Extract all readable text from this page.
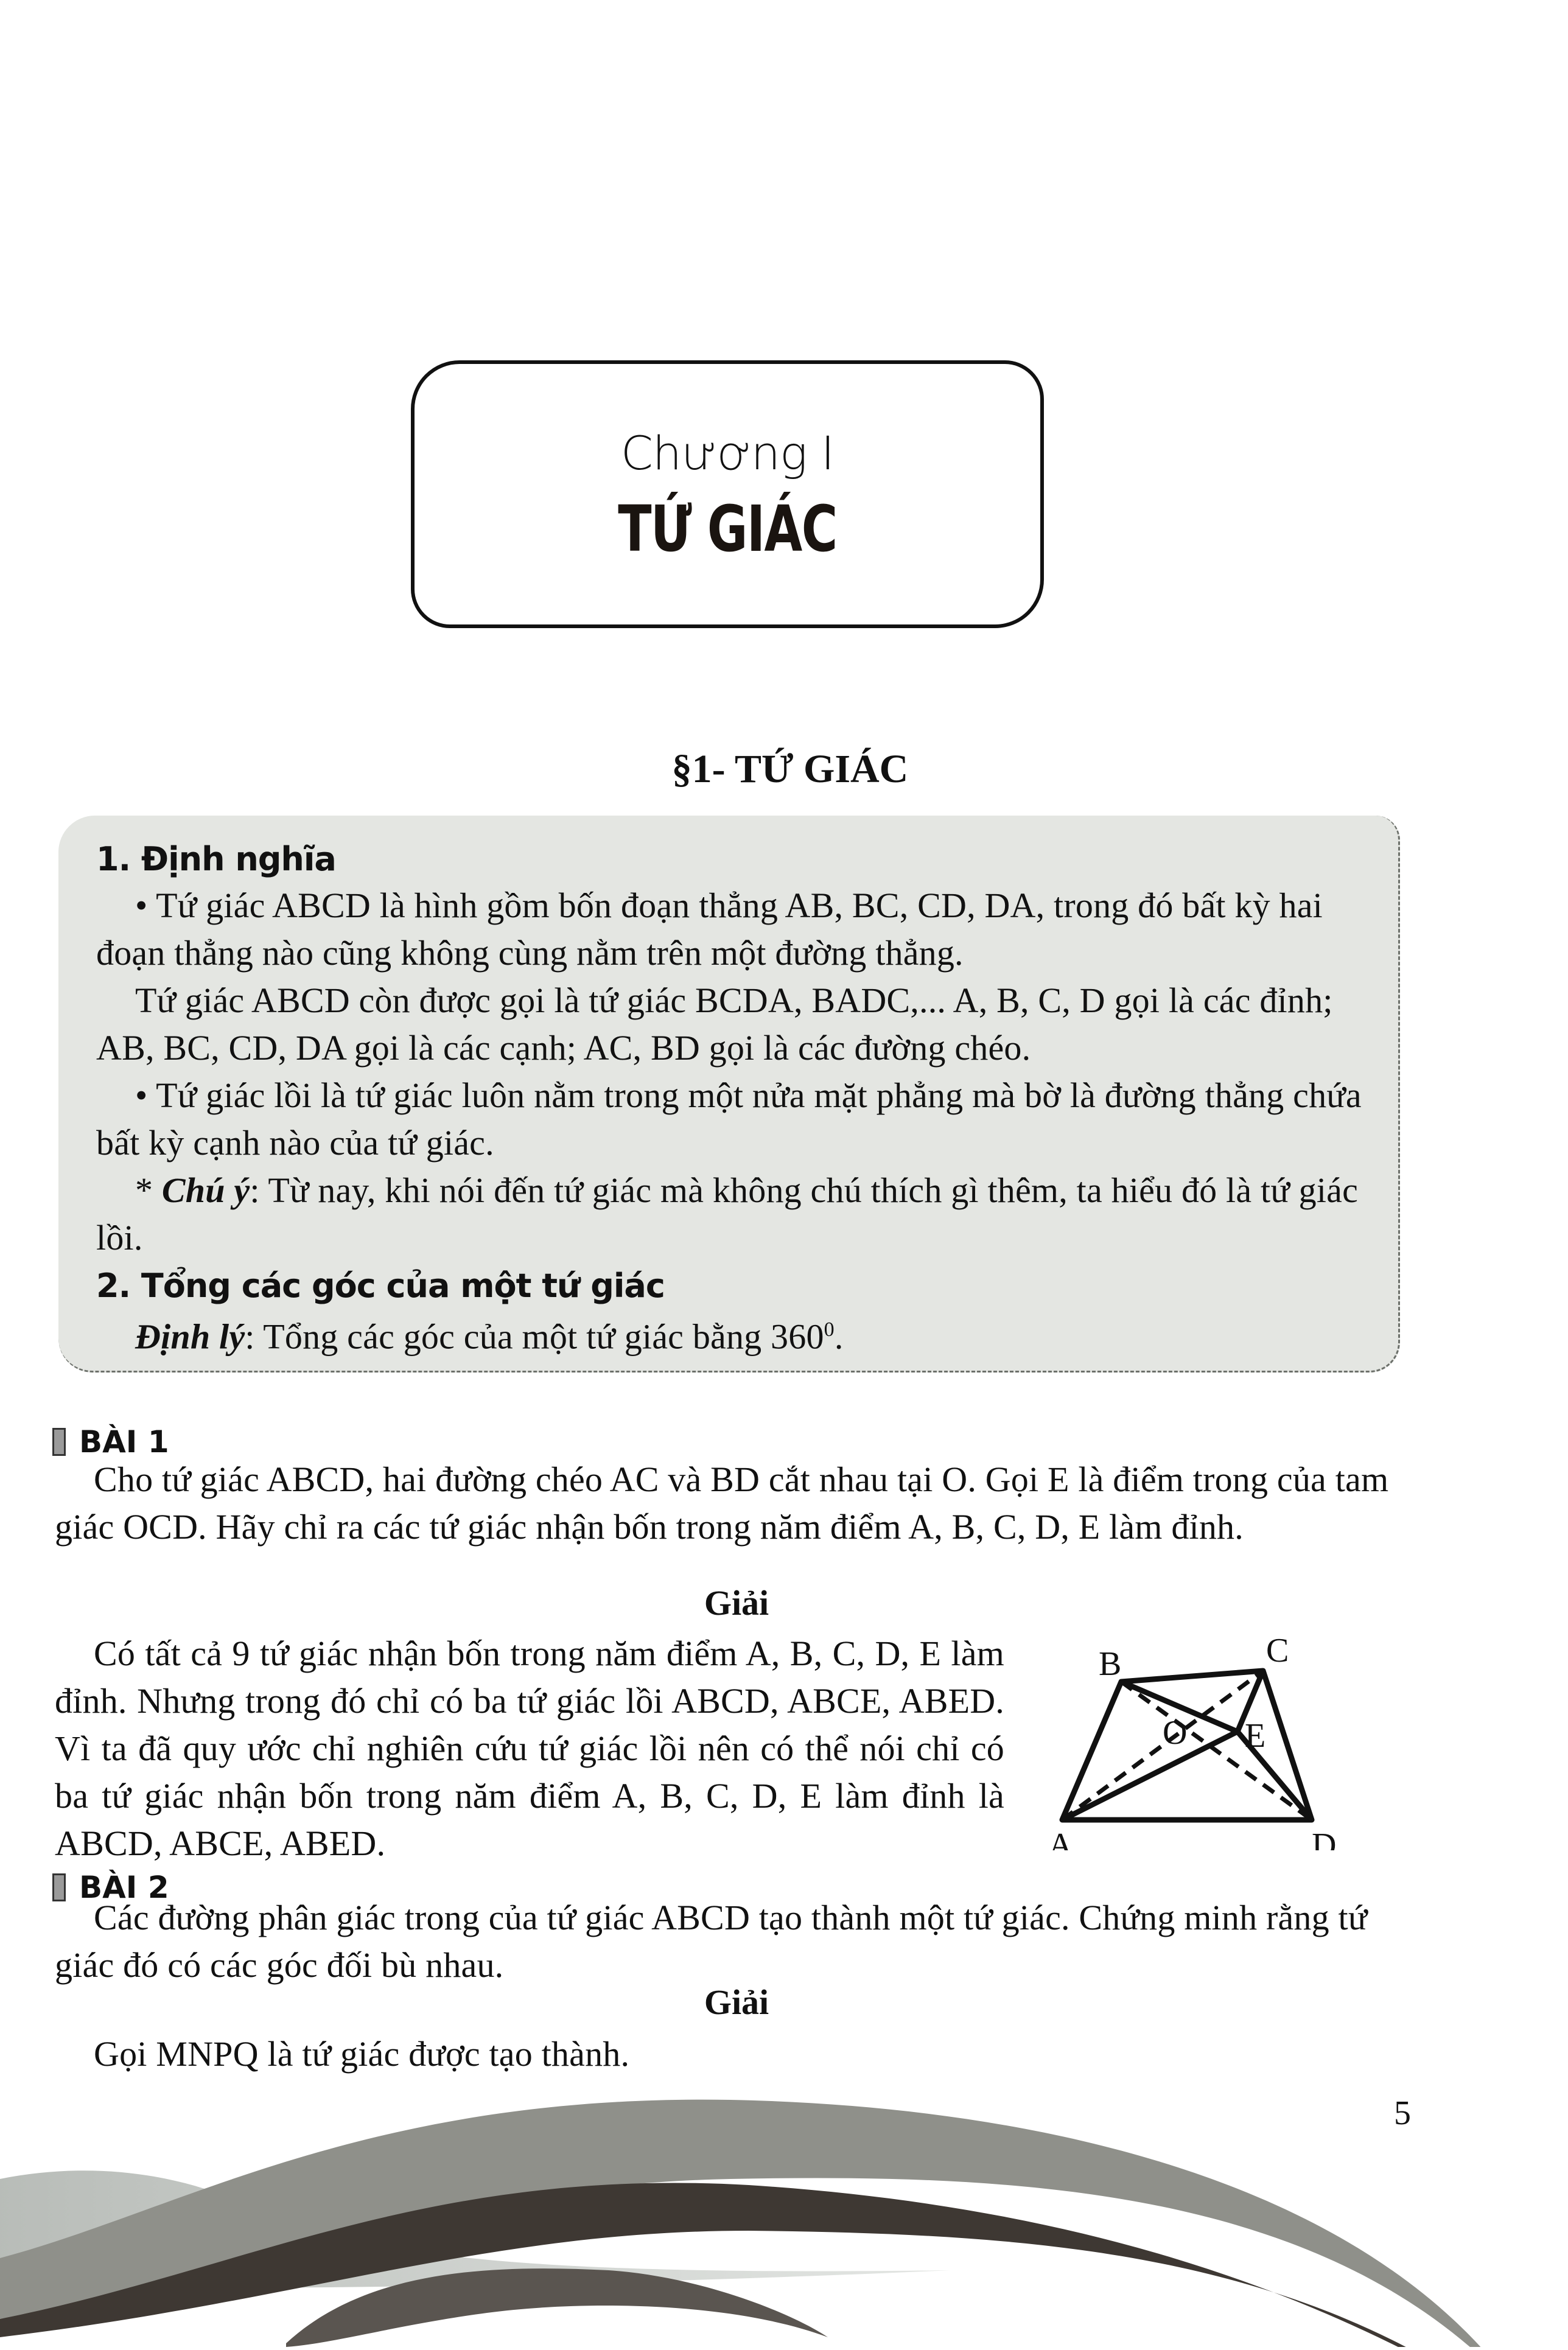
Chương I
TỨ GIÁC
§1- TỨ GIÁC
1. Định nghĩa

• Tứ giác ABCD là hình gồm bốn đoạn thẳng AB, BC, CD, DA, trong đó bất kỳ hai đoạn thẳng nào cũng không cùng nằm trên một đường thẳng.

Tứ giác ABCD còn được gọi là tứ giác BCDA, BADC,... A, B, C, D gọi là các đỉnh; AB, BC, CD, DA gọi là các cạnh; AC, BD gọi là các đường chéo.

• Tứ giác lồi là tứ giác luôn nằm trong một nửa mặt phẳng mà bờ là đường thẳng chứa bất kỳ cạnh nào của tứ giác.

* Chú ý: Từ nay, khi nói đến tứ giác mà không chú thích gì thêm, ta hiểu đó là tứ giác lồi.

2. Tổng các góc của một tứ giác

Định lý: Tổng các góc của một tứ giác bằng $360^0$.

BÀI 1

Cho tứ giác ABCD, hai đường chéo AC và BD cắt nhau tại O. Gọi E là điểm trong của tam giác OCD. Hãy chỉ ra các tứ giác nhận bốn trong năm điểm A, B, C, D, E làm đỉnh.

Giải

Có tất cả 9 tứ giác nhận bốn trong năm điểm A, B, C, D, E làm đỉnh. Nhưng trong đó chỉ có ba tứ giác lồi ABCD, ABCE, ABED. Vì ta đã quy ước chỉ nghiên cứu tứ giác lồi nên có thể nói chỉ có ba tứ giác nhận bốn trong năm điểm A, B, C, D, E làm đỉnh là ABCD, ABCE, ABED.

B	C
O E
A	D
BÀI 2

Các đường phân giác trong của tứ giác ABCD tạo thành một tứ giác. Chứng minh rằng tứ giác đó có các góc đối bù nhau.

Giải

Gọi MNPQ là tứ giác được tạo thành.

5
